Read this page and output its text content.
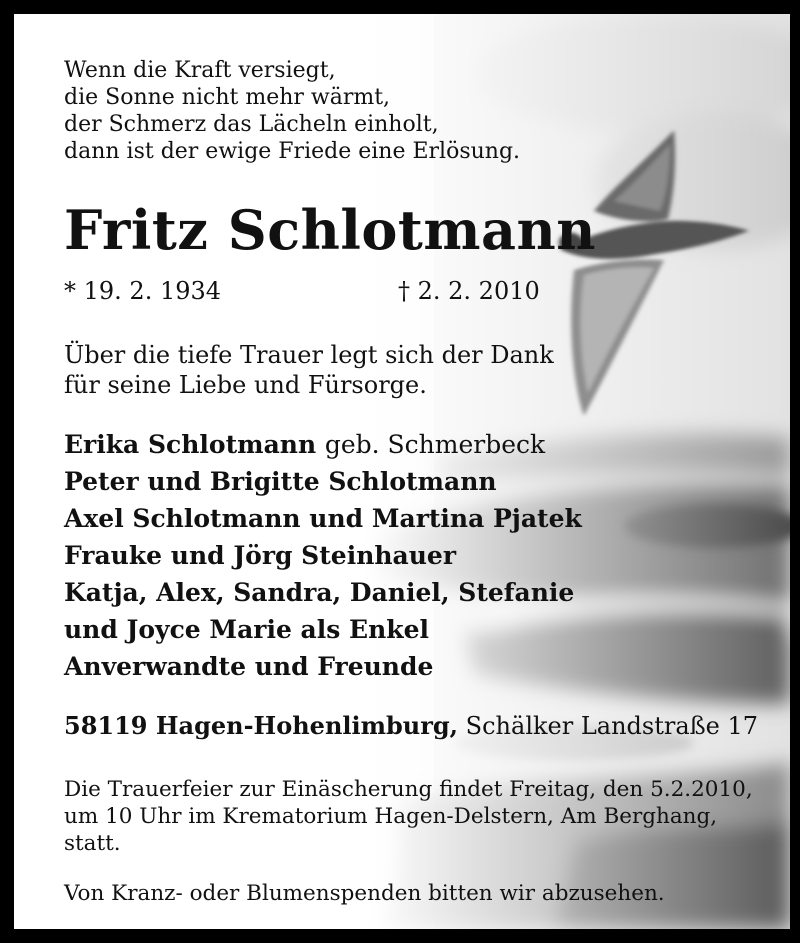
Wenn die Kraft versiegt,
die Sonne nicht mehr wärmt,
der Schmerz das Lächeln einholt,
dann ist der ewige Friede eine Erlösung.
Fritz Schlotmann
* 19. 2. 1934	† 2. 2. 2010
Über die tiefe Trauer legt sich der Dank
für seine Liebe und Fürsorge.
Erika Schlotmann geb. Schmerbeck
Peter und Brigitte Schlotmann
Axel Schlotmann und Martina Pjatek
Frauke und Jörg Steinhauer
Katja, Alex, Sandra, Daniel, Stefanie
und Joyce Marie als Enkel
Anverwandte und Freunde
58119 Hagen-Hohenlimburg, Schälker Landstraße 17
Die Trauerfeier zur Einäscherung findet Freitag, den 5.2.2010,
um 10 Uhr im Krematorium Hagen-Delstern, Am Berghang,
statt.
Von Kranz- oder Blumenspenden bitten wir abzusehen.
